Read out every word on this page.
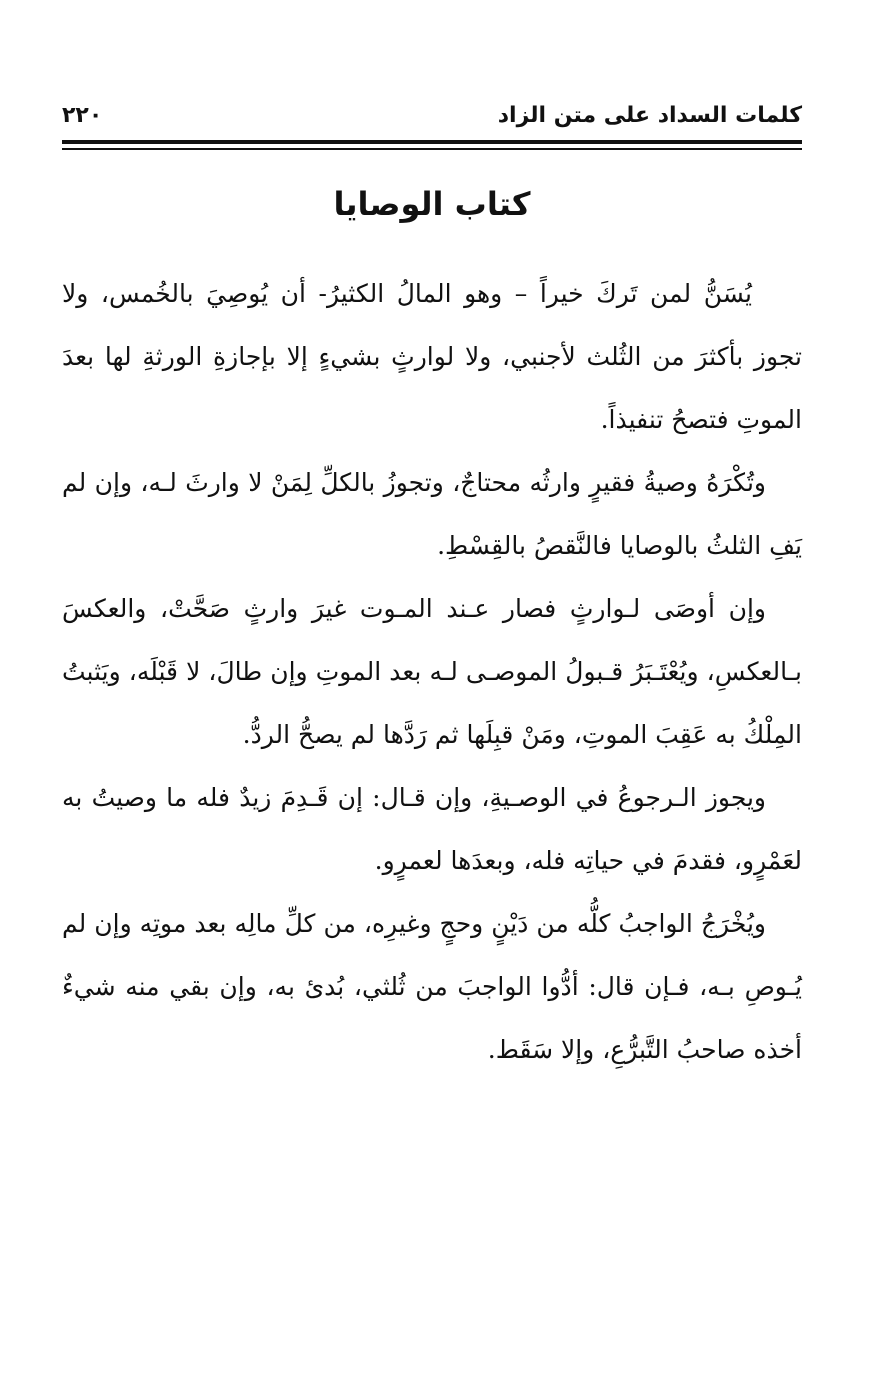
كلمات السداد على متن الزاد
٢٢٠
كتاب الوصايا

يُسَنُّ لمن تَركَ خيراً – وهو المالُ الكثيرُ- أن يُوصِيَ بالخُمس، ولا تجوز بأكثرَ من الثُلث لأجنبي، ولا لوارثٍ بشيءٍ إلا بإجازةِ الورثةِ لها بعدَ الموتِ فتصحُ تنفيذاً.

وتُكْرَهُ وصيةُ فقيرٍ وارثُه محتاجٌ، وتجوزُ بالكلِّ لِمَنْ لا وارثَ لـه، وإن لم يَفِ الثلثُ بالوصايا فالنَّقصُ بالقِسْطِ.

وإن أوصَى لـوارثٍ فصار عـند المـوت غيرَ وارثٍ صَحَّتْ، والعكسَ بـالعكسِ، ويُعْتَـبَرُ قـبولُ الموصـى لـه بعد الموتِ وإن طالَ، لا قَبْلَه، ويَثبتُ المِلْكُ به عَقِبَ الموتِ، ومَنْ قبِلَها ثم رَدَّها لم يصحُّ الردُّ.

ويجوز الـرجوعُ في الوصـيةِ، وإن قـال: إن قَـدِمَ زيدٌ فله ما وصيتُ به لعَمْرٍو، فقدمَ في حياتِه فله، وبعدَها لعمرٍو.

ويُخْرَجُ الواجبُ كلُّه من دَيْنٍ وحجٍ وغيرِه، من كلِّ مالِه بعد موتِه وإن لم يُـوصِ بـه، فـإن قال: أدُّوا الواجبَ من ثُلثي، بُدئ به، وإن بقي منه شيءٌ أخذه صاحبُ التَّبرُّعِ، وإلا سَقَط.
